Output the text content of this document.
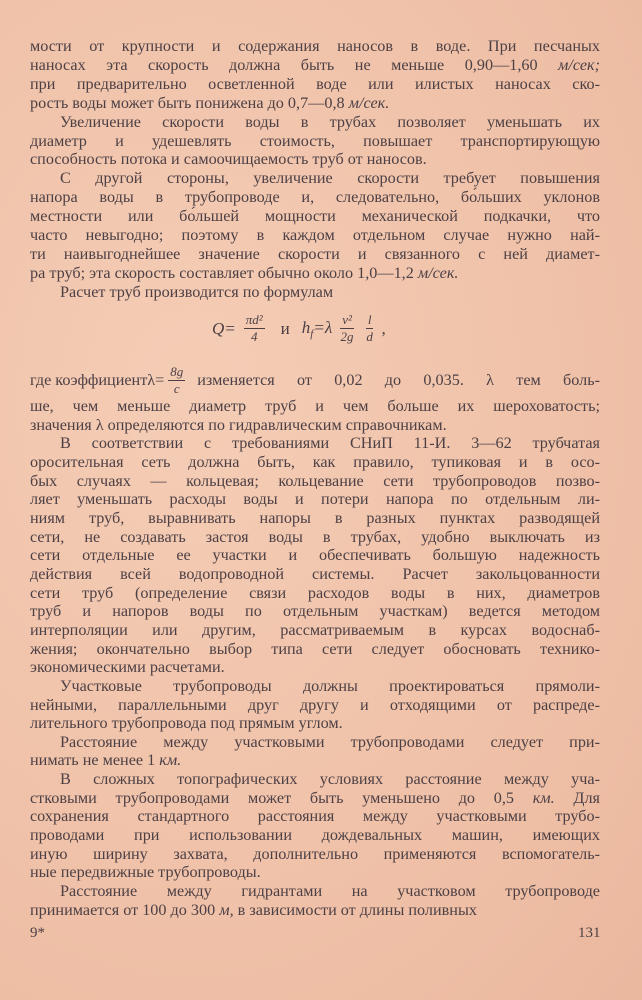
мости от крупности и содержания наносов в воде. При песчаных
наносах эта скорость должна быть не меньше 0,90—1,60 м/сек;
при предварительно осветленной воде или илистых наносах ско-
рость воды может быть понижена до 0,7—0,8 м/сек.
Увеличение скорости воды в трубах позволяет уменьшать их
диаметр и удешевлять стоимость, повышает транспортирующую
способность потока и самоочищаемость труб от наносов.
С другой стороны, увеличение скорости требует повышения
напора воды в трубопроводе и, следовательно, бо́льших уклонов
местности или бо́льшей мощности механической подкачки, что
часто невыгодно; поэтому в каждом отдельном случае нужно най-
ти наивыгоднейшее значение скорости и связанного с ней диамет-
ра труб; эта скорость составляет обычно около 1,0—1,2 м/сек.
Расчет труб производится по формулам
$Q= \frac{\text{πd²}}{4}$ и $h_f=\lambda \frac{\text{v²}}{2g} \frac{l}{d}$ ,
где коэффициент $\lambda= \frac{8g}{c}$ изменяется от 0,02 до 0,035. λ тем боль-
ше, чем меньше диаметр труб и чем больше их шероховатость;
значения λ определяются по гидравлическим справочникам.
В соответствии с требованиями СНиП 11-И. 3—62 трубчатая
оросительная сеть должна быть, как правило, тупиковая и в осо-
бых случаях — кольцевая; кольцевание сети трубопроводов позво-
ляет уменьшать расходы воды и потери напора по отдельным ли-
ниям труб, выравнивать напоры в разных пунктах разводящей
сети, не создавать застоя воды в трубах, удобно выключать из
сети отдельные ее участки и обеспечивать большую надежность
действия всей водопроводной системы. Расчет закольцованности
сети труб (определение связи расходов воды в них, диаметров
труб и напоров воды по отдельным участкам) ведется методом
интерполяции или другим, рассматриваемым в курсах водоснаб-
жения; окончательно выбор типа сети следует обосновать технико-
экономическими расчетами.
Участковые трубопроводы должны проектироваться прямоли-
нейными, параллельными друг другу и отходящими от распреде-
лительного трубопровода под прямым углом.
Расстояние между участковыми трубопроводами следует при-
нимать не менее 1 км.
В сложных топографических условиях расстояние между уча-
стковыми трубопроводами может быть уменьшено до 0,5 км. Для
сохранения стандартного расстояния между участковыми трубо-
проводами при использовании дождевальных машин, имеющих
иную ширину захвата, дополнительно применяются вспомогатель-
ные передвижные трубопроводы.
Расстояние между гидрантами на участковом трубопроводе
принимается от 100 до 300 м, в зависимости от длины поливных
9*	131
